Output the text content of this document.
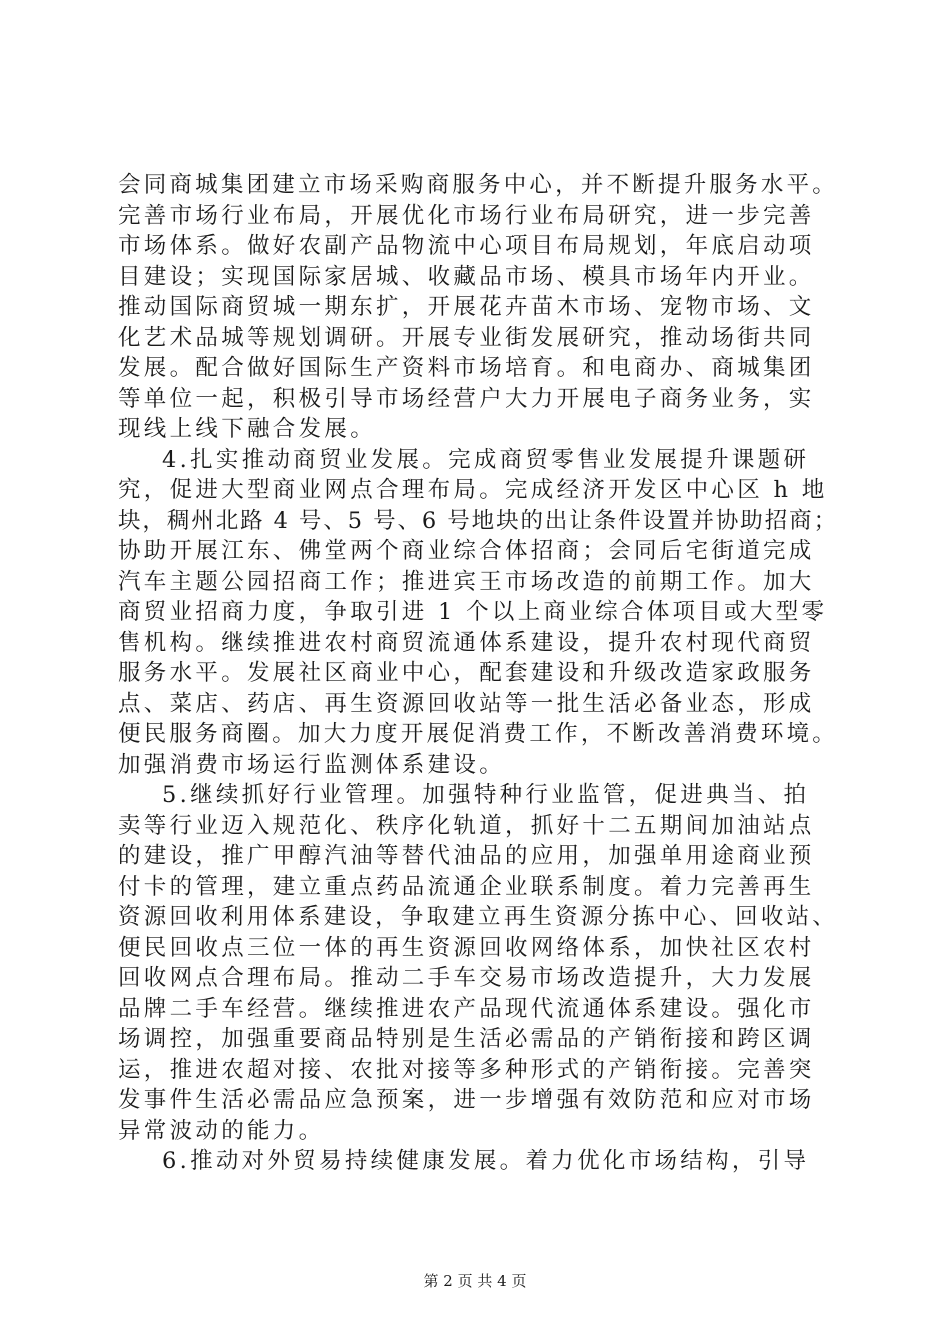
会同商城集团建立市场采购商服务中心，并不断提升服务水平。
完善市场行业布局，开展优化市场行业布局研究，进一步完善
市场体系。做好农副产品物流中心项目布局规划，年底启动项
目建设；实现国际家居城、收藏品市场、模具市场年内开业。
推动国际商贸城一期东扩，开展花卉苗木市场、宠物市场、文
化艺术品城等规划调研。开展专业街发展研究，推动场街共同
发展。配合做好国际生产资料市场培育。和电商办、商城集团
等单位一起，积极引导市场经营户大力开展电子商务业务，实
现线上线下融合发展。
4.扎实推动商贸业发展。完成商贸零售业发展提升课题研
究，促进大型商业网点合理布局。完成经济开发区中心区 h 地
块，稠州北路 4 号、5 号、6 号地块的出让条件设置并协助招商；
协助开展江东、佛堂两个商业综合体招商；会同后宅街道完成
汽车主题公园招商工作；推进宾王市场改造的前期工作。加大
商贸业招商力度，争取引进 1 个以上商业综合体项目或大型零
售机构。继续推进农村商贸流通体系建设，提升农村现代商贸
服务水平。发展社区商业中心，配套建设和升级改造家政服务
点、菜店、药店、再生资源回收站等一批生活必备业态，形成
便民服务商圈。加大力度开展促消费工作，不断改善消费环境。
加强消费市场运行监测体系建设。
5.继续抓好行业管理。加强特种行业监管，促进典当、拍
卖等行业迈入规范化、秩序化轨道，抓好十二五期间加油站点
的建设，推广甲醇汽油等替代油品的应用，加强单用途商业预
付卡的管理，建立重点药品流通企业联系制度。着力完善再生
资源回收利用体系建设，争取建立再生资源分拣中心、回收站、
便民回收点三位一体的再生资源回收网络体系，加快社区农村
回收网点合理布局。推动二手车交易市场改造提升，大力发展
品牌二手车经营。继续推进农产品现代流通体系建设。强化市
场调控，加强重要商品特别是生活必需品的产销衔接和跨区调
运，推进农超对接、农批对接等多种形式的产销衔接。完善突
发事件生活必需品应急预案，进一步增强有效防范和应对市场
异常波动的能力。
6.推动对外贸易持续健康发展。着力优化市场结构，引导
第 2 页 共 4 页
